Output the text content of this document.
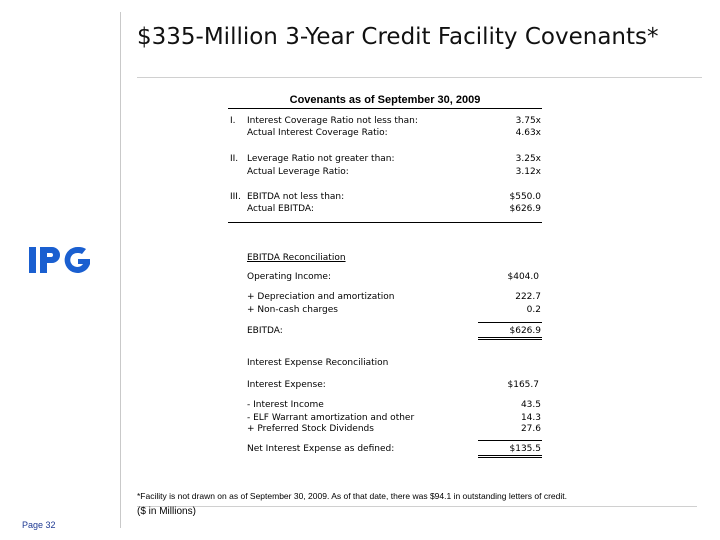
$335-Million 3-Year Credit Facility Covenants*
Covenants as of September 30, 2009
I. Interest Coverage Ratio not less than:	3.75x
Actual Interest Coverage Ratio:	4.63x
II. Leverage Ratio not greater than:	3.25x
Actual Leverage Ratio:	3.12x
III. EBITDA not less than:	$550.0
Actual EBITDA:	$626.9
EBITDA Reconciliation
Operating Income:	$404.0
+ Depreciation and amortization	222.7
+ Non-cash charges	0.2
EBITDA:	$626.9
Interest Expense Reconciliation
Interest Expense:	$165.7
- Interest Income	43.5
- ELF Warrant amortization and other	14.3
+ Preferred Stock Dividends	27.6
Net Interest Expense as defined:	$135.5
*Facility is not drawn on as of September 30, 2009. As of that date, there was $94.1 in outstanding letters of credit.
($ in Millions)
Page 32
